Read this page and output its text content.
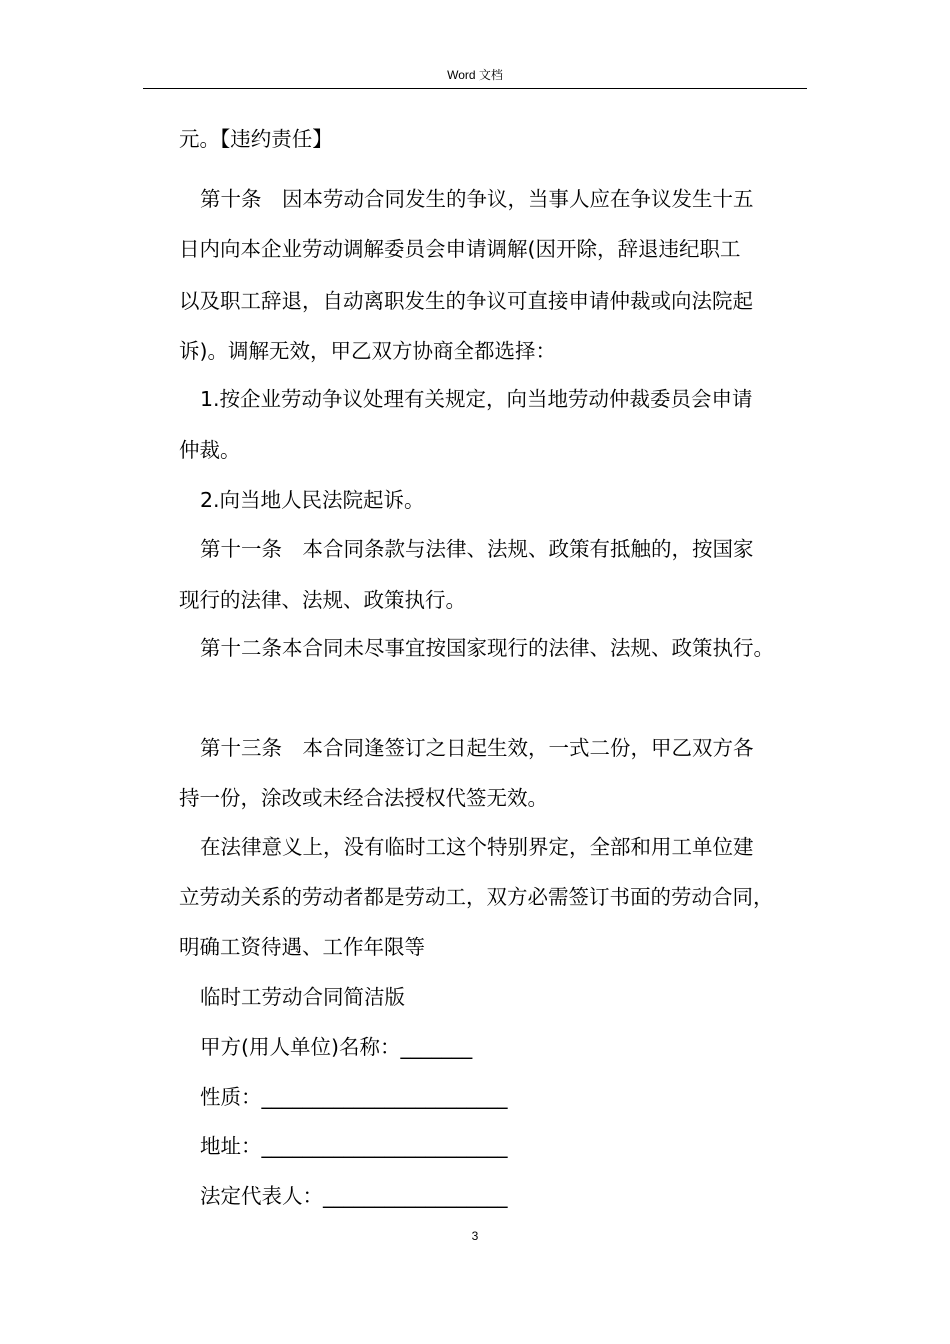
Word 文档
元。【违约责任】
第十条　因本劳动合同发生的争议，当事人应在争议发生十五
日内向本企业劳动调解委员会申请调解(因开除，辞退违纪职工
以及职工辞退，自动离职发生的争议可直接申请仲裁或向法院起
诉)。调解无效，甲乙双方协商全都选择：
1.按企业劳动争议处理有关规定，向当地劳动仲裁委员会申请
仲裁。
2.向当地人民法院起诉。
第十一条　本合同条款与法律、法规、政策有抵触的，按国家
现行的法律、法规、政策执行。
第十二条本合同未尽事宜按国家现行的法律、法规、政策执行。
第十三条　本合同逢签订之日起生效，一式二份，甲乙双方各
持一份，涂改或未经合法授权代签无效。
在法律意义上，没有临时工这个特别界定，全部和用工单位建
立劳动关系的劳动者都是劳动工，双方必需签订书面的劳动合同，
明确工资待遇、工作年限等
临时工劳动合同简洁版
甲方(用人单位)名称：_______
性质：________________________
地址：________________________
法定代表人：__________________
3
